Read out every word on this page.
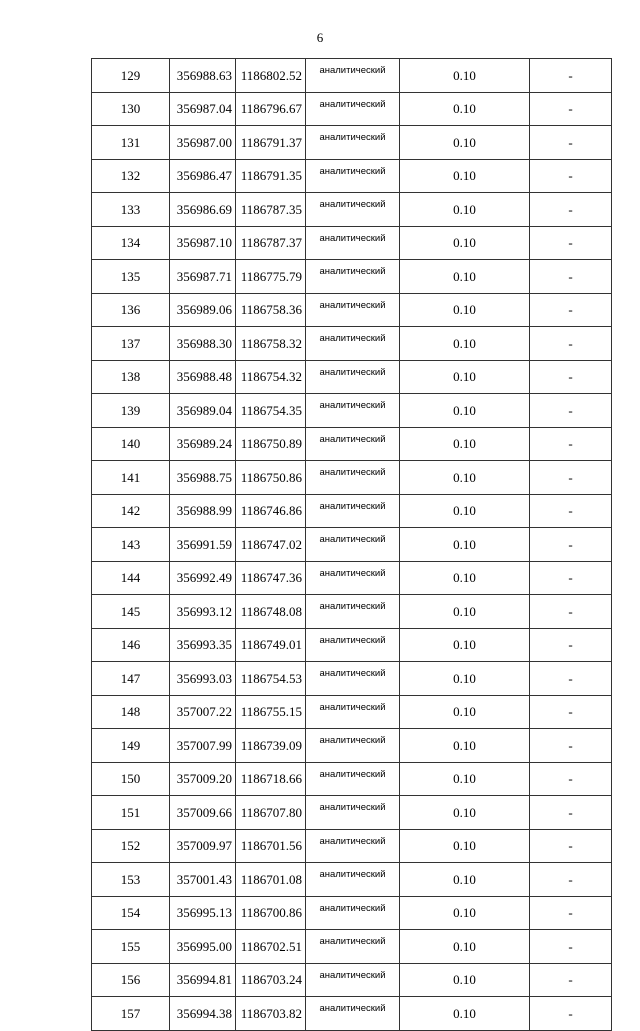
6
129	356988.63	1186802.52	аналитический	0.10	-
130	356987.04	1186796.67	аналитический	0.10	-
131	356987.00	1186791.37	аналитический	0.10	-
132	356986.47	1186791.35	аналитический	0.10	-
133	356986.69	1186787.35	аналитический	0.10	-
134	356987.10	1186787.37	аналитический	0.10	-
135	356987.71	1186775.79	аналитический	0.10	-
136	356989.06	1186758.36	аналитический	0.10	-
137	356988.30	1186758.32	аналитический	0.10	-
138	356988.48	1186754.32	аналитический	0.10	-
139	356989.04	1186754.35	аналитический	0.10	-
140	356989.24	1186750.89	аналитический	0.10	-
141	356988.75	1186750.86	аналитический	0.10	-
142	356988.99	1186746.86	аналитический	0.10	-
143	356991.59	1186747.02	аналитический	0.10	-
144	356992.49	1186747.36	аналитический	0.10	-
145	356993.12	1186748.08	аналитический	0.10	-
146	356993.35	1186749.01	аналитический	0.10	-
147	356993.03	1186754.53	аналитический	0.10	-
148	357007.22	1186755.15	аналитический	0.10	-
149	357007.99	1186739.09	аналитический	0.10	-
150	357009.20	1186718.66	аналитический	0.10	-
151	357009.66	1186707.80	аналитический	0.10	-
152	357009.97	1186701.56	аналитический	0.10	-
153	357001.43	1186701.08	аналитический	0.10	-
154	356995.13	1186700.86	аналитический	0.10	-
155	356995.00	1186702.51	аналитический	0.10	-
156	356994.81	1186703.24	аналитический	0.10	-
157	356994.38	1186703.82	аналитический	0.10	-
